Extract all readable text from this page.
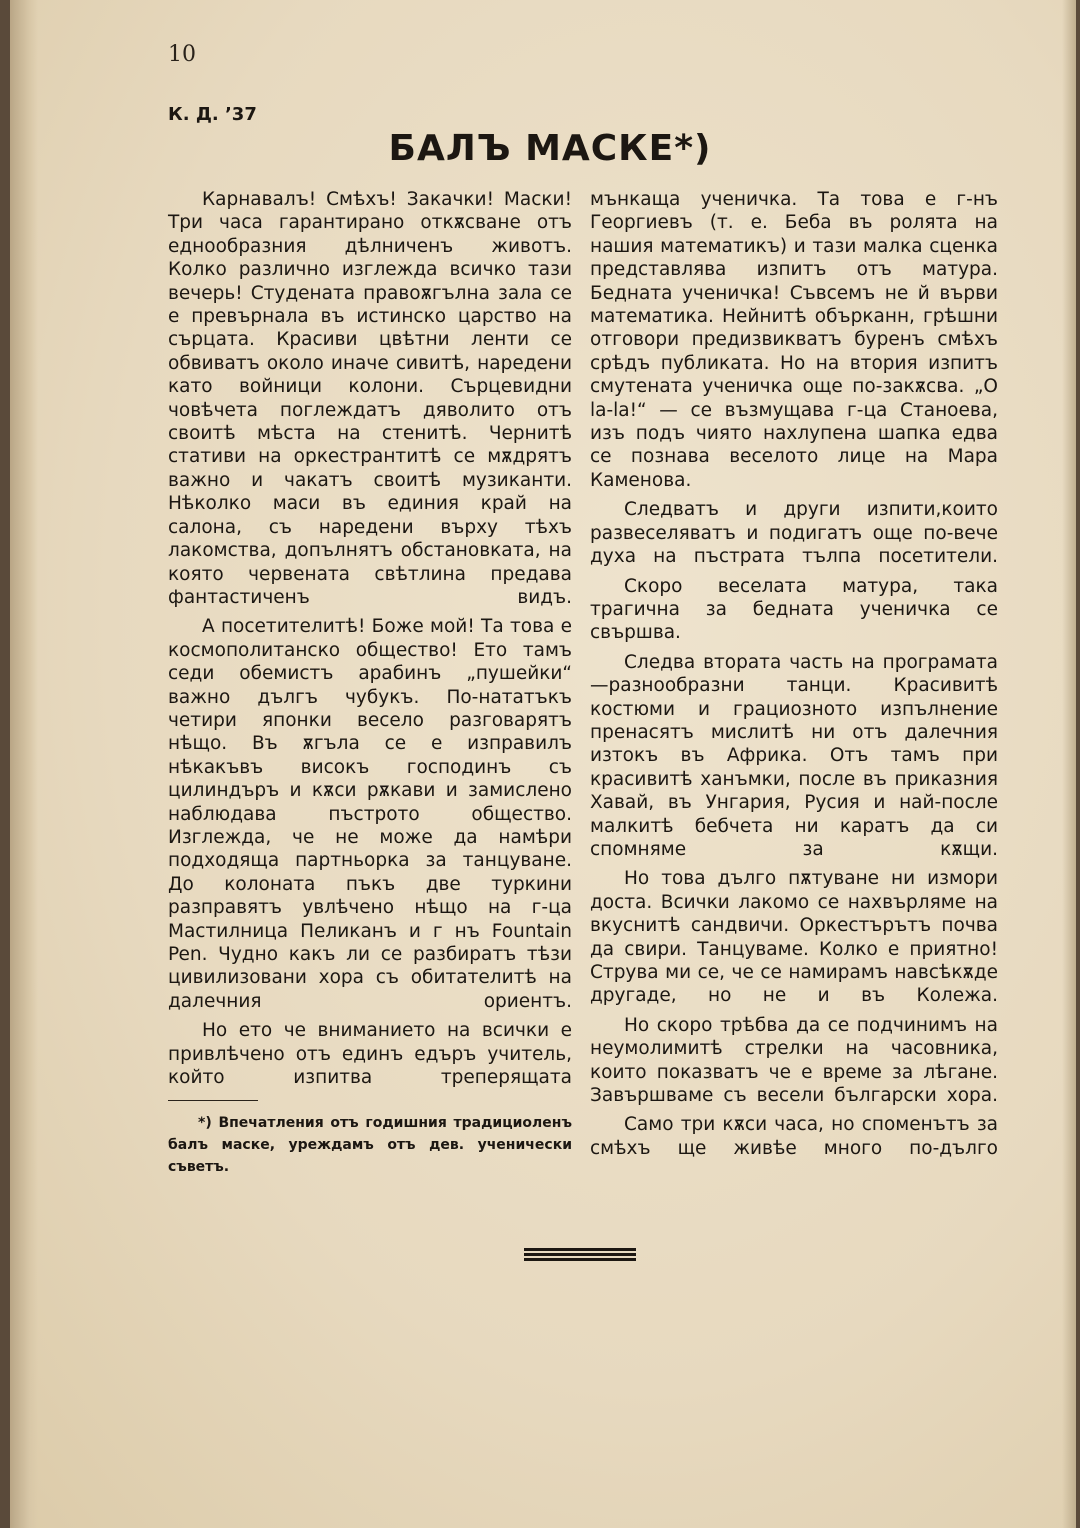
10
К. Д. ’37
БАЛЪ МАСКЕ*)

Карнавалъ! Смѣхъ! Закачки! Маски! Три часа гарантирано откѫсване отъ еднообразния дѣлниченъ животъ. Колко различно изглежда всичко тази вечерь! Студената правоѫгълна зала се е превърнала въ истинско царство на сърцата. Красиви цвѣтни ленти се обвиватъ около иначе сивитѣ, наредени като войници колони. Сърцевидни човѣчета поглеждатъ дяволито отъ своитѣ мѣста на стенитѣ. Чернитѣ стативи на оркестрантитѣ се мѫдрятъ важно и чакатъ своитѣ музиканти. Нѣколко маси въ единия край на салона, съ наредени върху тѣхъ лакомства, допълнятъ обстановката, на която червената свѣтлина предава фантастиченъ видъ.

А посетителитѣ! Боже мой! Та това е космополитанско общество! Ето тамъ седи обемистъ арабинъ „пушейки“ важно дългъ чубукъ. По-нататъкъ четири японки весело разговарятъ нѣщо. Въ ѫгъла се е изправилъ нѣкакъвъ високъ господинъ съ цилиндъръ и кѫси рѫкави и замислено наблюдава пъстрото общество. Изглежда, че не може да намѣри подходяща партньорка за танцуване. До колоната пъкъ две туркини разправятъ увлѣчено нѣщо на г-ца Мастилница Пеликанъ и г нъ Fountain Pen. Чудно какъ ли се разбиратъ тѣзи цивилизовани хора съ обитателитѣ на далечния ориентъ.

Но ето че вниманието на всички е привлѣчено отъ единъ едъръ учитель, който изпитва треперящата

*) Впечатления отъ годишния традициоленъ балъ маске, уреждамъ отъ дев. ученически съветъ.

мънкаща ученичка. Та това е г-нъ Георгиевъ (т. е. Беба въ ролята на нашия математикъ) и тази малка сценка представлява изпитъ отъ матура. Бедната ученичка! Съвсемъ не й върви математика. Нейнитѣ обърканн, грѣшни отговори предизвикватъ буренъ смѣхъ срѣдъ публиката. Но на втория изпитъ смутената ученичка още по-закѫсва. „O la-la!“ — се възмущава г-ца Станоева, изъ подъ чиято нахлупена шапка едва се познава веселото лице на Мара Каменова.

Следватъ и други изпити,които развеселяватъ и подигатъ още по-вече духа на пъстрата тълпа посетители.

Скоро веселата матура, така трагична за бедната ученичка се свършва.

Следва втората часть на програмата—разнообразни танци. Красивитѣ костюми и грациозното изпълнение пренасятъ мислитѣ ни отъ далечния изтокъ въ Африка. Отъ тамъ при красивитѣ ханъмки, после въ приказния Хавай, въ Унгария, Русия и най-после малкитѣ бебчета ни каратъ да си спомняме за кѫщи.

Но това дълго пѫтуване ни измори доста. Всички лакомо се нахвърляме на вкуснитѣ сандвичи. Оркестърътъ почва да свири. Танцуваме. Колко е приятно! Струва ми се, че се намирамъ навсѣкѫде другаде, но не и въ Колежа.

Но скоро трѣбва да се подчинимъ на неумолимитѣ стрелки на часовника, които показватъ че е време за лѣгане. Завършваме съ весели български хора.

Само три кѫси часа, но споменътъ за смѣхъ ще живѣе много по-дълго
